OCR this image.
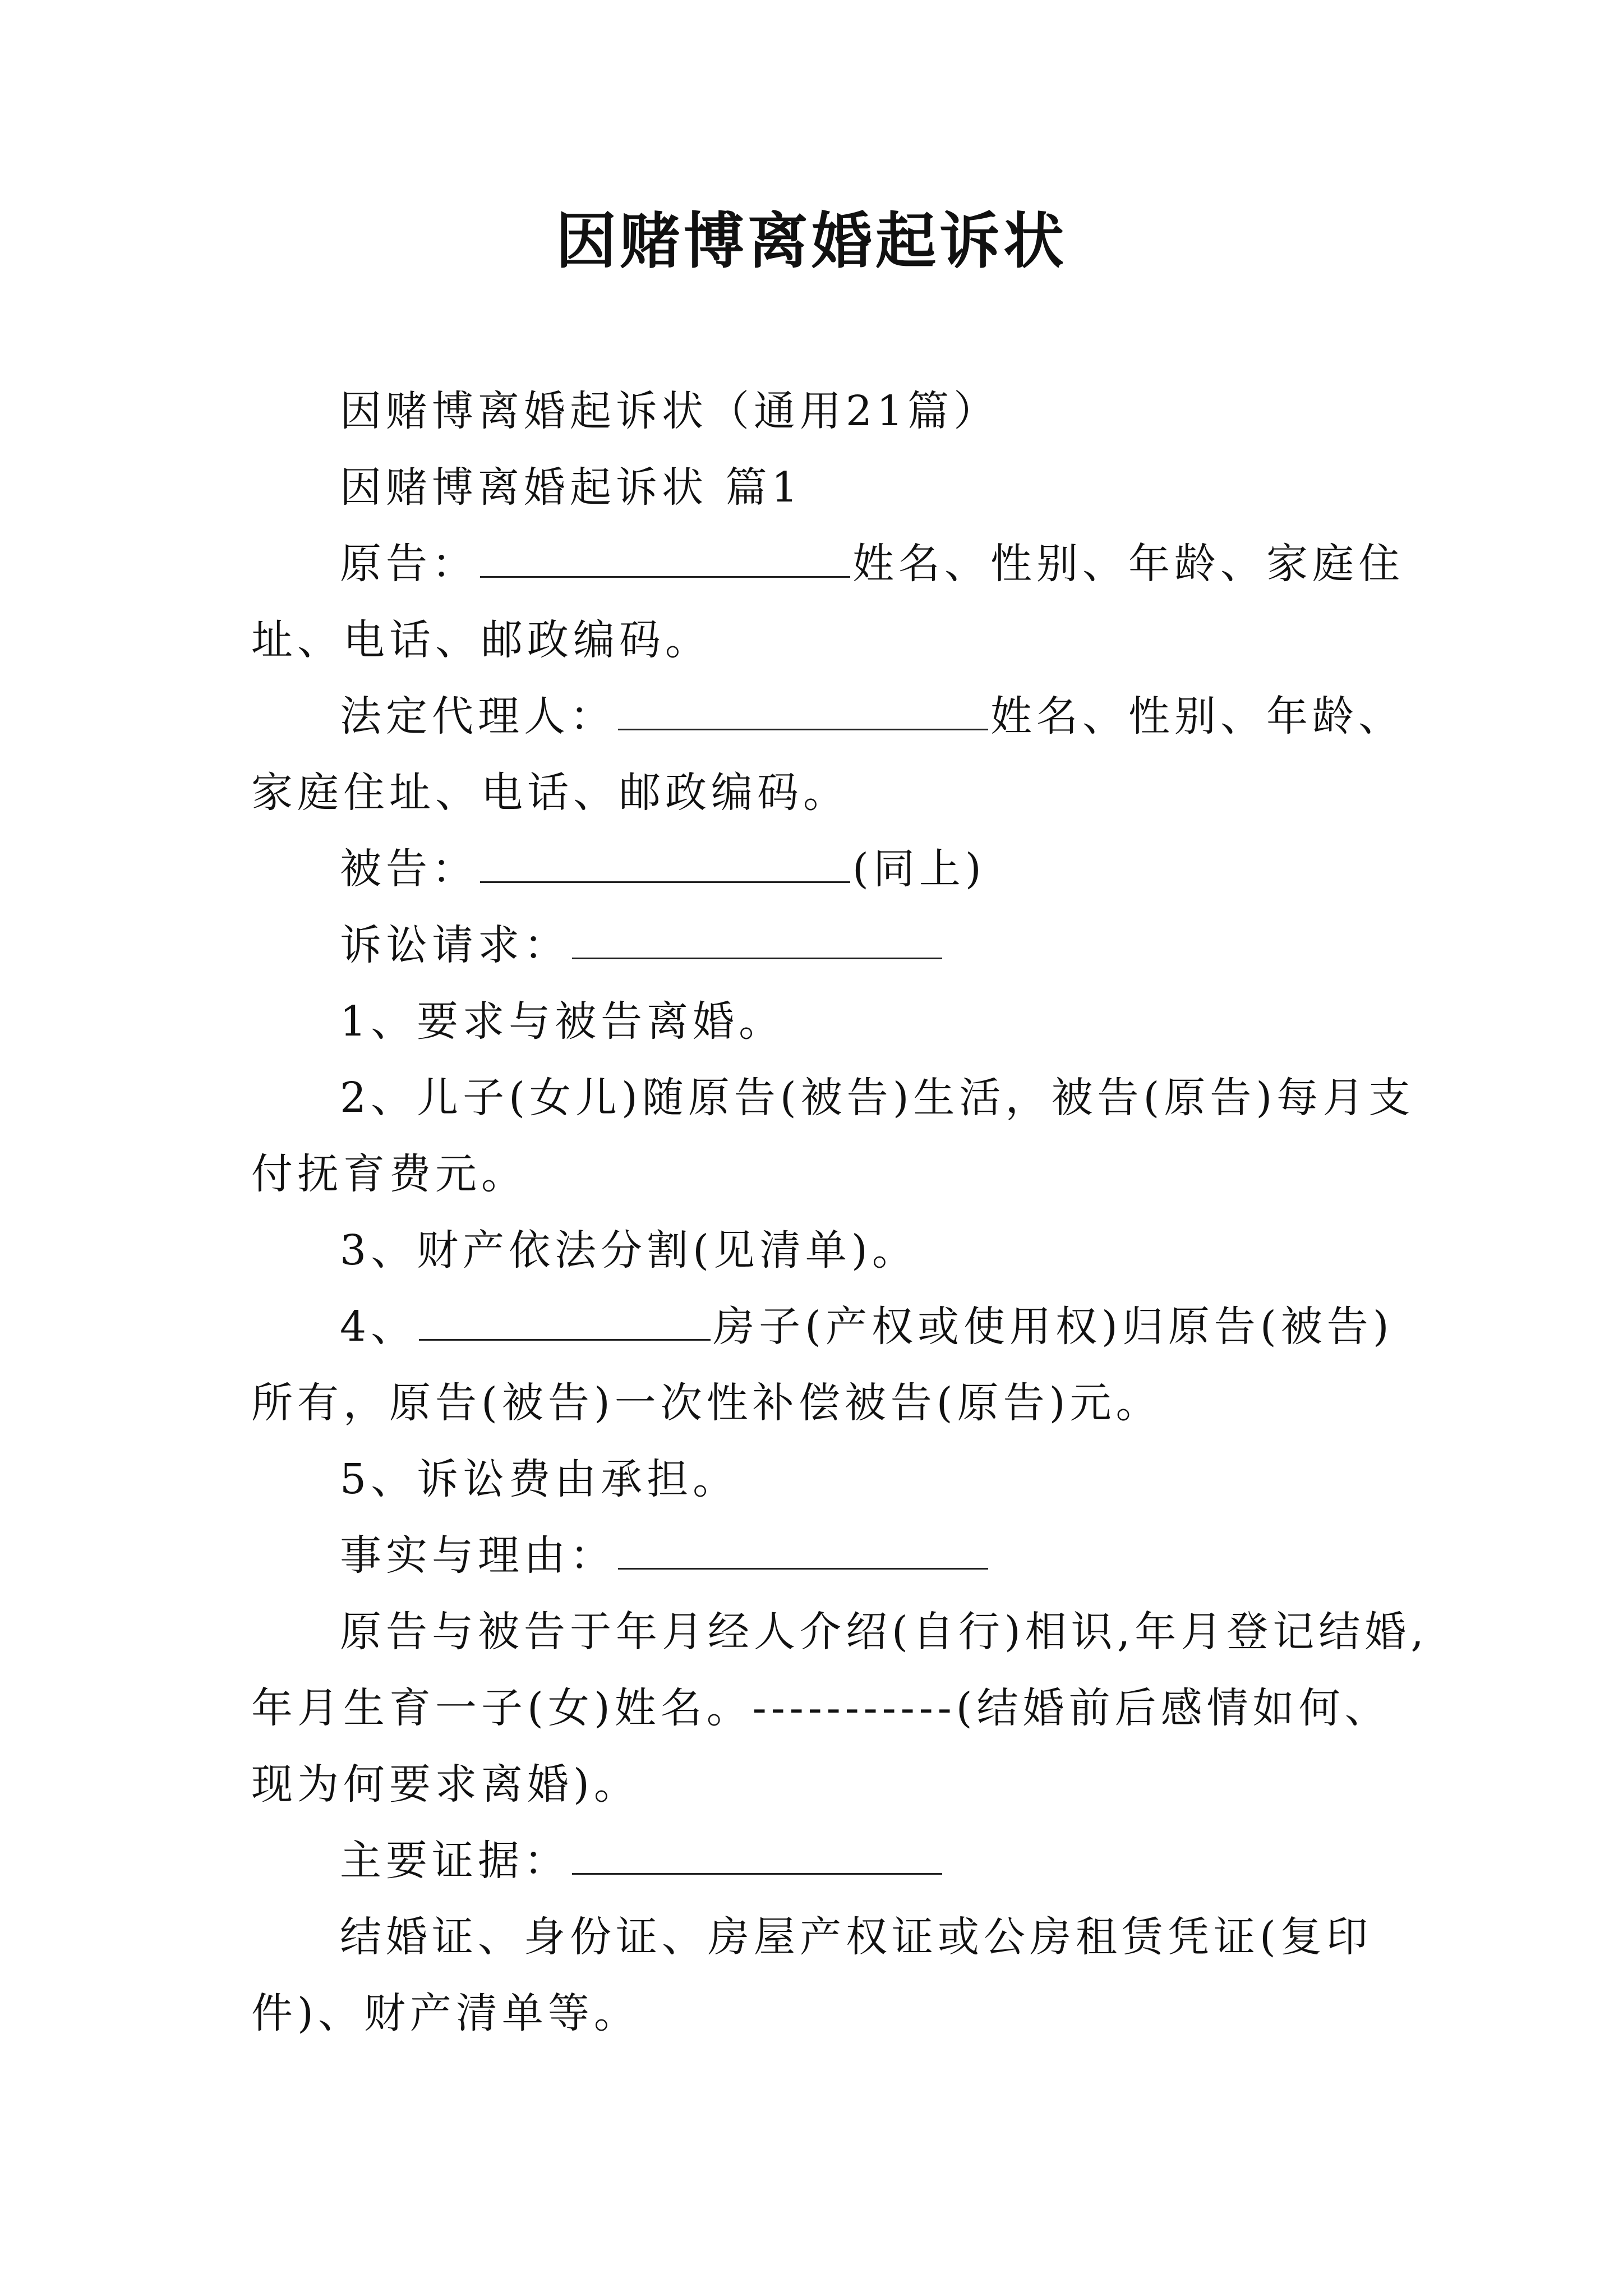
因赌博离婚起诉状

因赌博离婚起诉状（通用21篇）

因赌博离婚起诉状 篇1

原告：	姓名、性别、年龄、家庭住址、电话、邮政编码。

法定代理人：	姓名、性别、年龄、家庭住址、电话、邮政编码。

被告：	(同上)

诉讼请求：

1、要求与被告离婚。

2、儿子(女儿)随原告(被告)生活，被告(原告)每月支付抚育费元。

3、财产依法分割(见清单)。

4、	房子(产权或使用权)归原告(被告)所有，原告(被告)一次性补偿被告(原告)元。

5、诉讼费由承担。

事实与理由：

原告与被告于年月经人介绍(自行)相识,年月登记结婚,年月生育一子(女)姓名。-----------(结婚前后感情如何、现为何要求离婚)。

主要证据：

结婚证、身份证、房屋产权证或公房租赁凭证(复印件)、财产清单等。
